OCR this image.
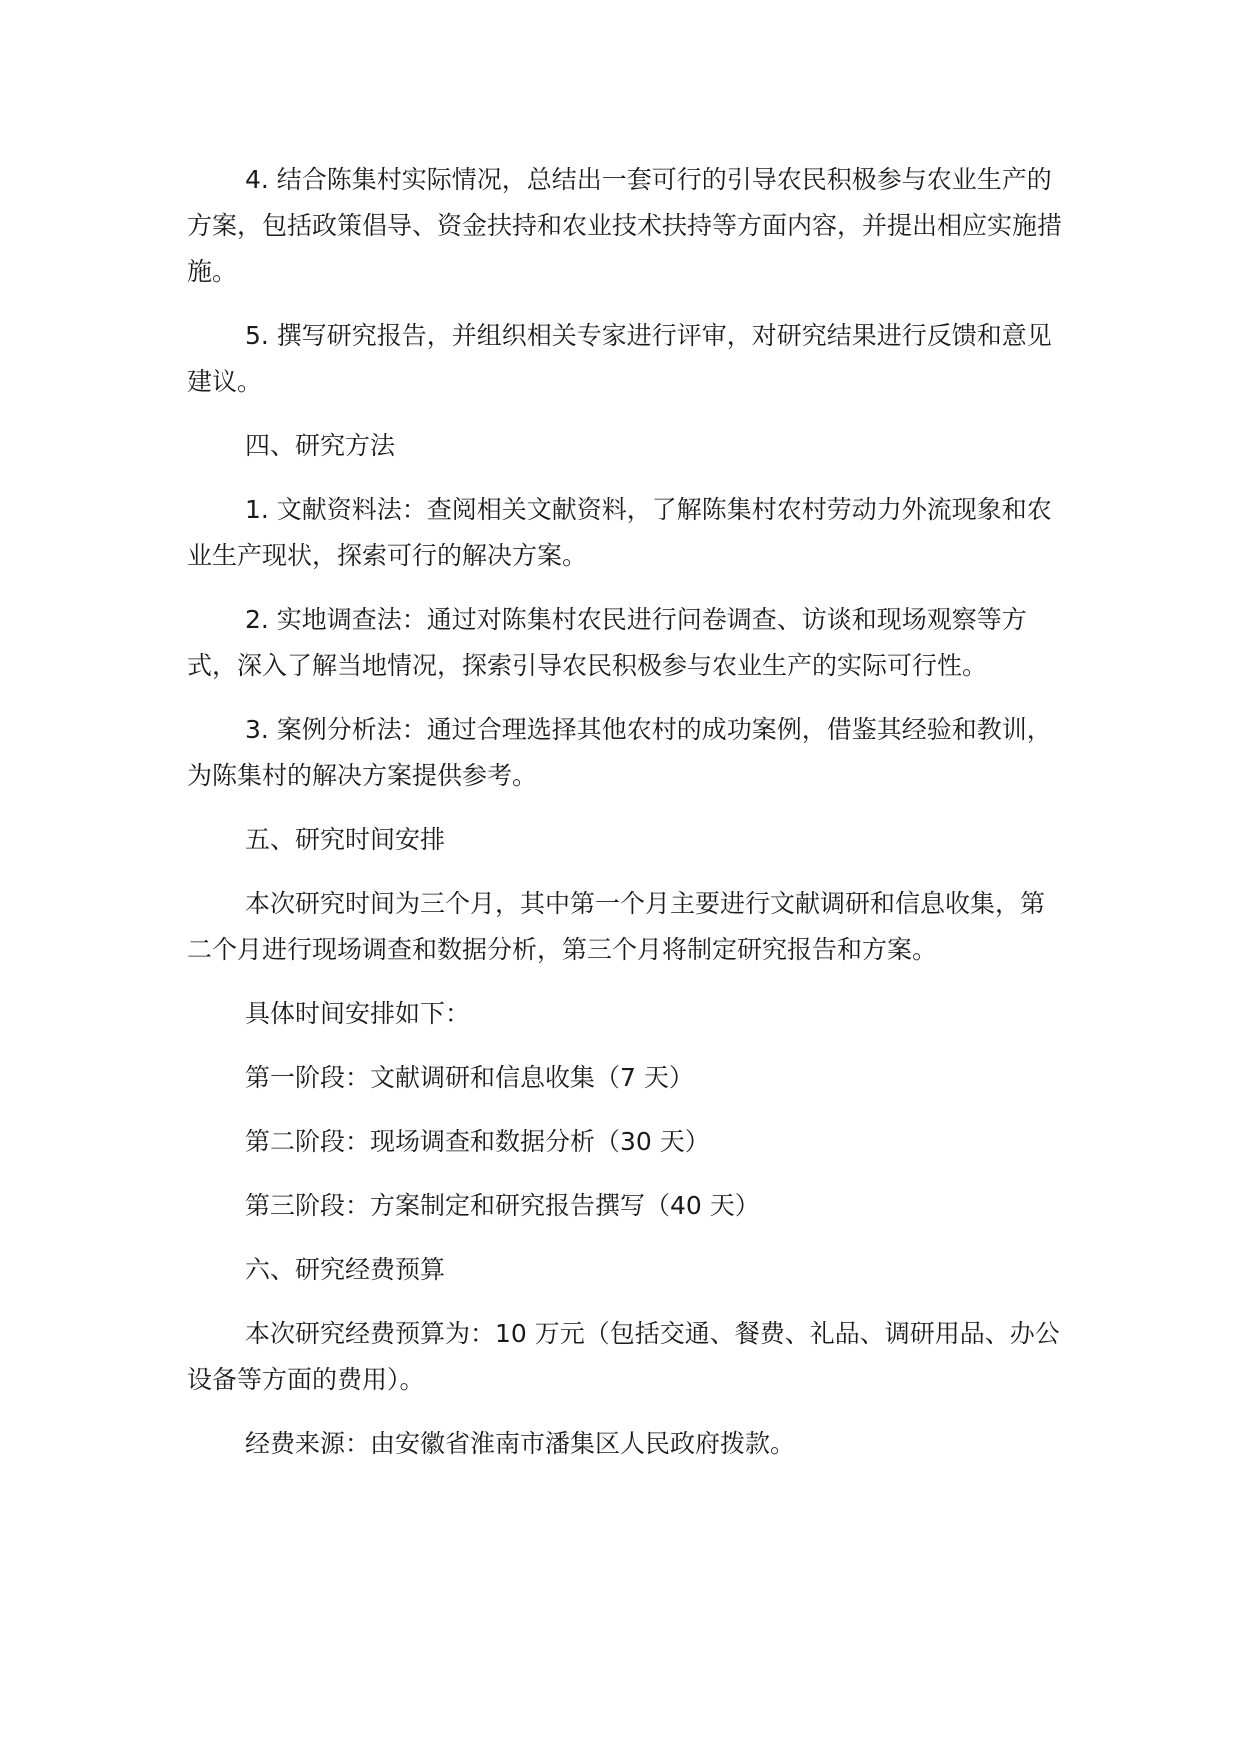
4. 结合陈集村实际情况，总结出一套可行的引导农民积极参与农业生产的方案，包括政策倡导、资金扶持和农业技术扶持等方面内容，并提出相应实施措施。

5. 撰写研究报告，并组织相关专家进行评审，对研究结果进行反馈和意见建议。

四、研究方法

1. 文献资料法：查阅相关文献资料，了解陈集村农村劳动力外流现象和农业生产现状，探索可行的解决方案。

2. 实地调查法：通过对陈集村农民进行问卷调查、访谈和现场观察等方式，深入了解当地情况，探索引导农民积极参与农业生产的实际可行性。

3. 案例分析法：通过合理选择其他农村的成功案例，借鉴其经验和教训，为陈集村的解决方案提供参考。

五、研究时间安排

本次研究时间为三个月，其中第一个月主要进行文献调研和信息收集，第二个月进行现场调查和数据分析，第三个月将制定研究报告和方案。

具体时间安排如下：

第一阶段：文献调研和信息收集（7 天）

第二阶段：现场调查和数据分析（30 天）

第三阶段：方案制定和研究报告撰写（40 天）

六、研究经费预算

本次研究经费预算为：10 万元（包括交通、餐费、礼品、调研用品、办公设备等方面的费用）。

经费来源：由安徽省淮南市潘集区人民政府拨款。
